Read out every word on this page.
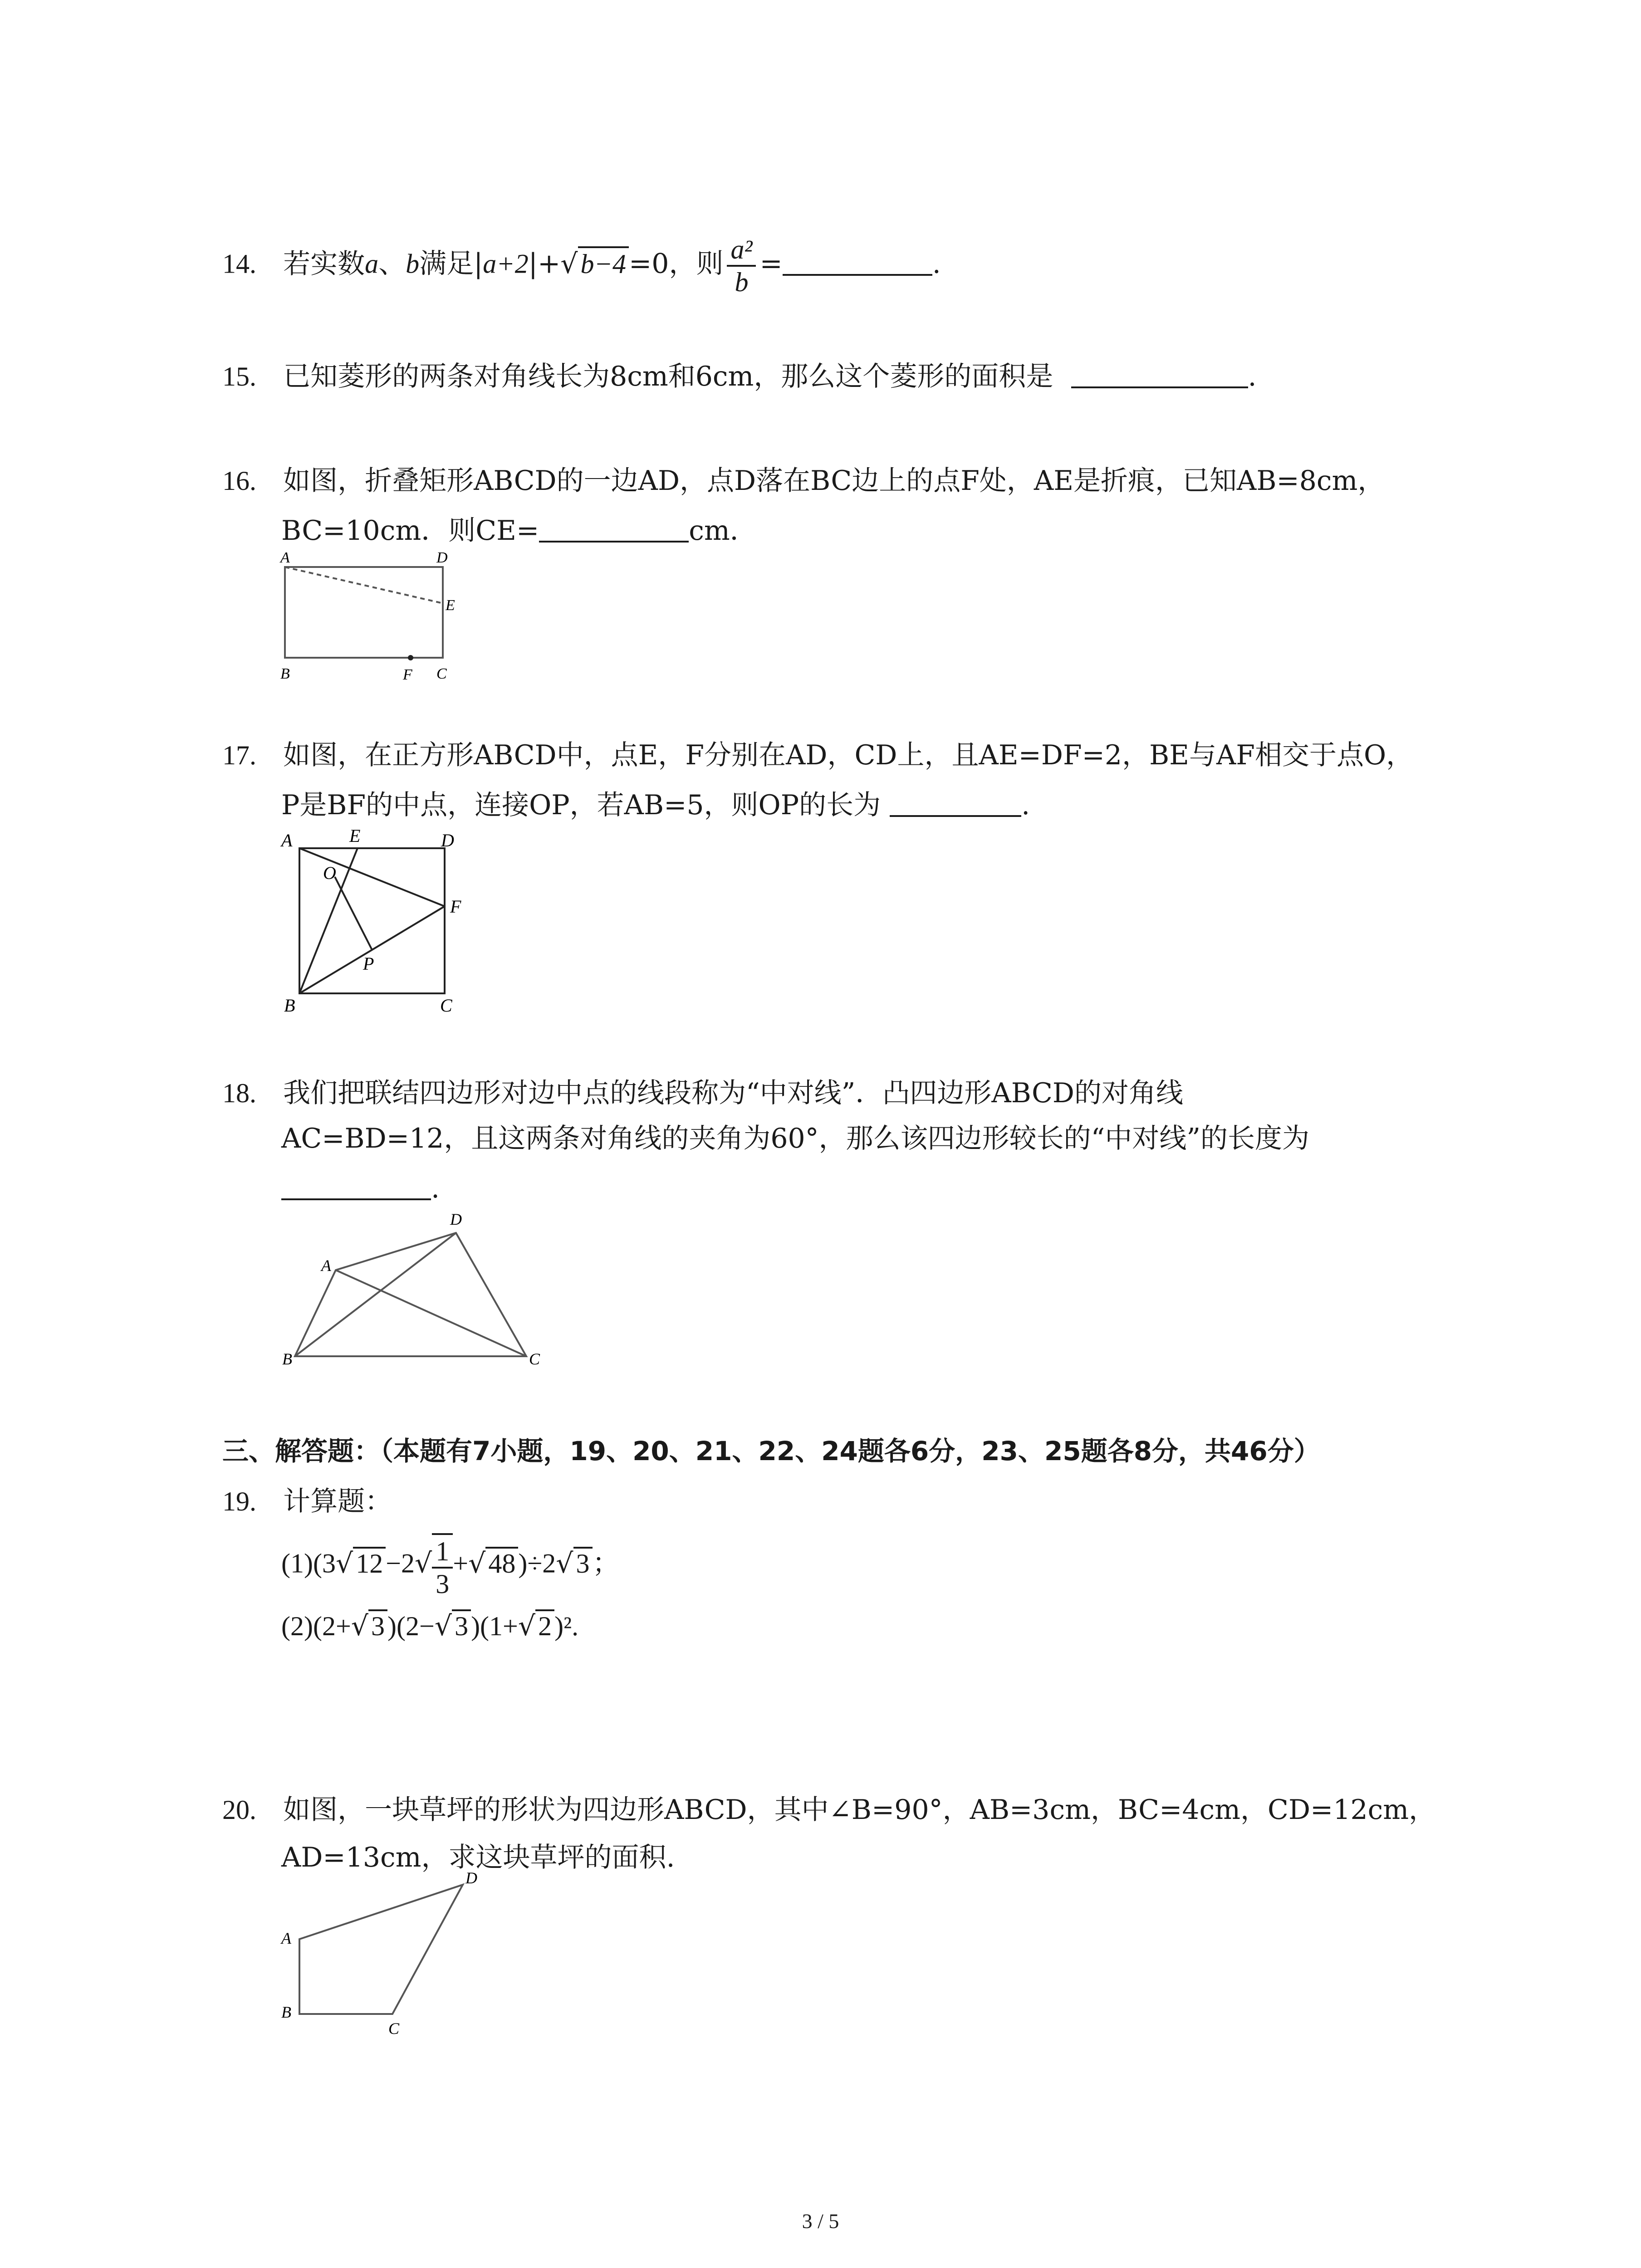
14. 若实数a、b满足|a+2|+√ b−4 =0，则 $\frac{\text{a²}}{b}$ =	.
15. 已知菱形的两条对角线长为8cm和6cm，那么这个菱形的面积是	.
16. 如图，折叠矩形ABCD的一边AD，点D落在BC边上的点F处，AE是折痕，已知AB=8cm，
BC=10cm．则CE=	cm．
A	D
E
B	F C
17. 如图，在正方形ABCD中，点E，F分别在AD，CD上，且AE=DF=2，BE与AF相交于点O，
P是BF的中点，连接OP，若AB=5，则OP的长为	.
A	E	D
O
F
P
B	C
18. 我们把联结四边形对边中点的线段称为“中对线”．凸四边形ABCD的对角线
AC=BD=12，且这两条对角线的夹角为60°，那么该四边形较长的“中对线”的长度为
.
A
D
B	C
三、解答题：（本题有7小题，19、20、21、22、24题各6分，23、25题各8分，共46分）
19. 计算题：
(1)(3√ $12 -2√ \frac{1}{3}$ +√ 48 )÷2√ 3 ；
(2)(2+√ 3 )(2−√ 3 )(1+√ 2 )².
20. 如图，一块草坪的形状为四边形ABCD，其中∠B=90°，AB=3cm，BC=4cm，CD=12cm，
AD=13cm，求这块草坪的面积.
A
D
B
C
3 / 5
